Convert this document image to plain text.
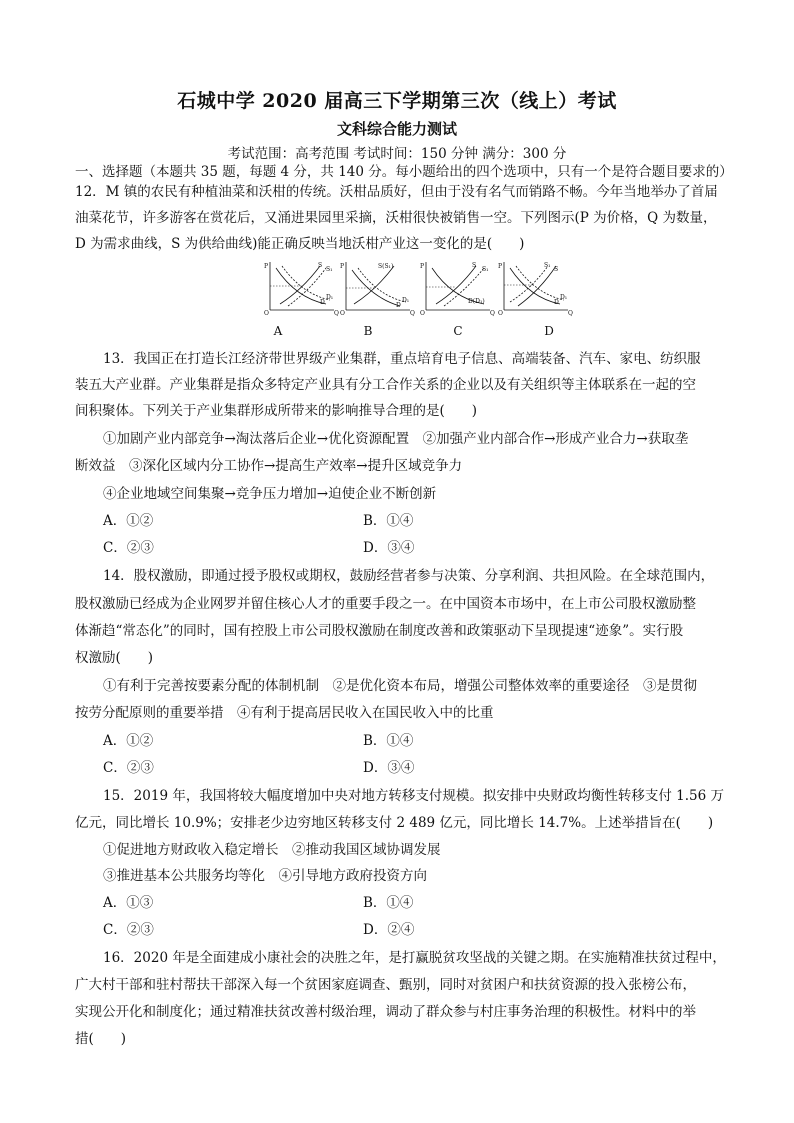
石城中学 2020 届高三下学期第三次（线上）考试
文科综合能力测试
考试范围：高考范围 考试时间：150 分钟 满分：300 分
一、选择题（本题共 35 题，每题 4 分，共 140 分。每小题给出的四个选项中，只有一个是符合题目要求的）
12．M 镇的农民有种植油菜和沃柑的传统。沃柑品质好，但由于没有名气而销路不畅。今年当地举办了首届
油菜花节，许多游客在赏花后，又涌进果园里采摘，沃柑很快被销售一空。下列图示(P 为价格，Q 为数量，
D 为需求曲线，S 为供给曲线)能正确反映当地沃柑产业这一变化的是(　　)
P
Q
O
S
S₁
D
D₁
P
Q
O
S(S₁)
D
D₁
P
Q
O
S
S₁
D(D₁)
P
Q
O
S₁
S
D
D₁
A	B	C	D
13．我国正在打造长江经济带世界级产业集群，重点培育电子信息、高端装备、汽车、家电、纺织服
装五大产业群。产业集群是指众多特定产业具有分工合作关系的企业以及有关组织等主体联系在一起的空
间积聚体。下列关于产业集群形成所带来的影响推导合理的是(　　)
①加剧产业内部竞争→淘汰落后企业→优化资源配置　②加强产业内部合作→形成产业合力→获取垄
断效益　③深化区域内分工协作→提高生产效率→提升区域竞争力
④企业地域空间集聚→竞争压力增加→迫使企业不断创新
A．①②	B．①④
C．②③	D．③④
14．股权激励，即通过授予股权或期权，鼓励经营者参与决策、分享利润、共担风险。在全球范围内，
股权激励已经成为企业网罗并留住核心人才的重要手段之一。在中国资本市场中，在上市公司股权激励整
体渐趋“常态化”的同时，国有控股上市公司股权激励在制度改善和政策驱动下呈现提速“迹象”。实行股
权激励(　　)
①有利于完善按要素分配的体制机制　②是优化资本布局，增强公司整体效率的重要途径　③是贯彻
按劳分配原则的重要举措　④有利于提高居民收入在国民收入中的比重
A．①②	B．①④
C．②③	D．③④
15．2019 年，我国将较大幅度增加中央对地方转移支付规模。拟安排中央财政均衡性转移支付 1.56 万
亿元，同比增长 10.9%；安排老少边穷地区转移支付 2 489 亿元，同比增长 14.7%。上述举措旨在(　　)
①促进地方财政收入稳定增长　②推动我国区域协调发展
③推进基本公共服务均等化　④引导地方政府投资方向
A．①③	B．①④
C．②③	D．②④
16．2020 年是全面建成小康社会的决胜之年，是打赢脱贫攻坚战的关键之期。在实施精准扶贫过程中，
广大村干部和驻村帮扶干部深入每一个贫困家庭调查、甄别，同时对贫困户和扶贫资源的投入张榜公布，
实现公开化和制度化；通过精准扶贫改善村级治理，调动了群众参与村庄事务治理的积极性。材料中的举
措(　　)
